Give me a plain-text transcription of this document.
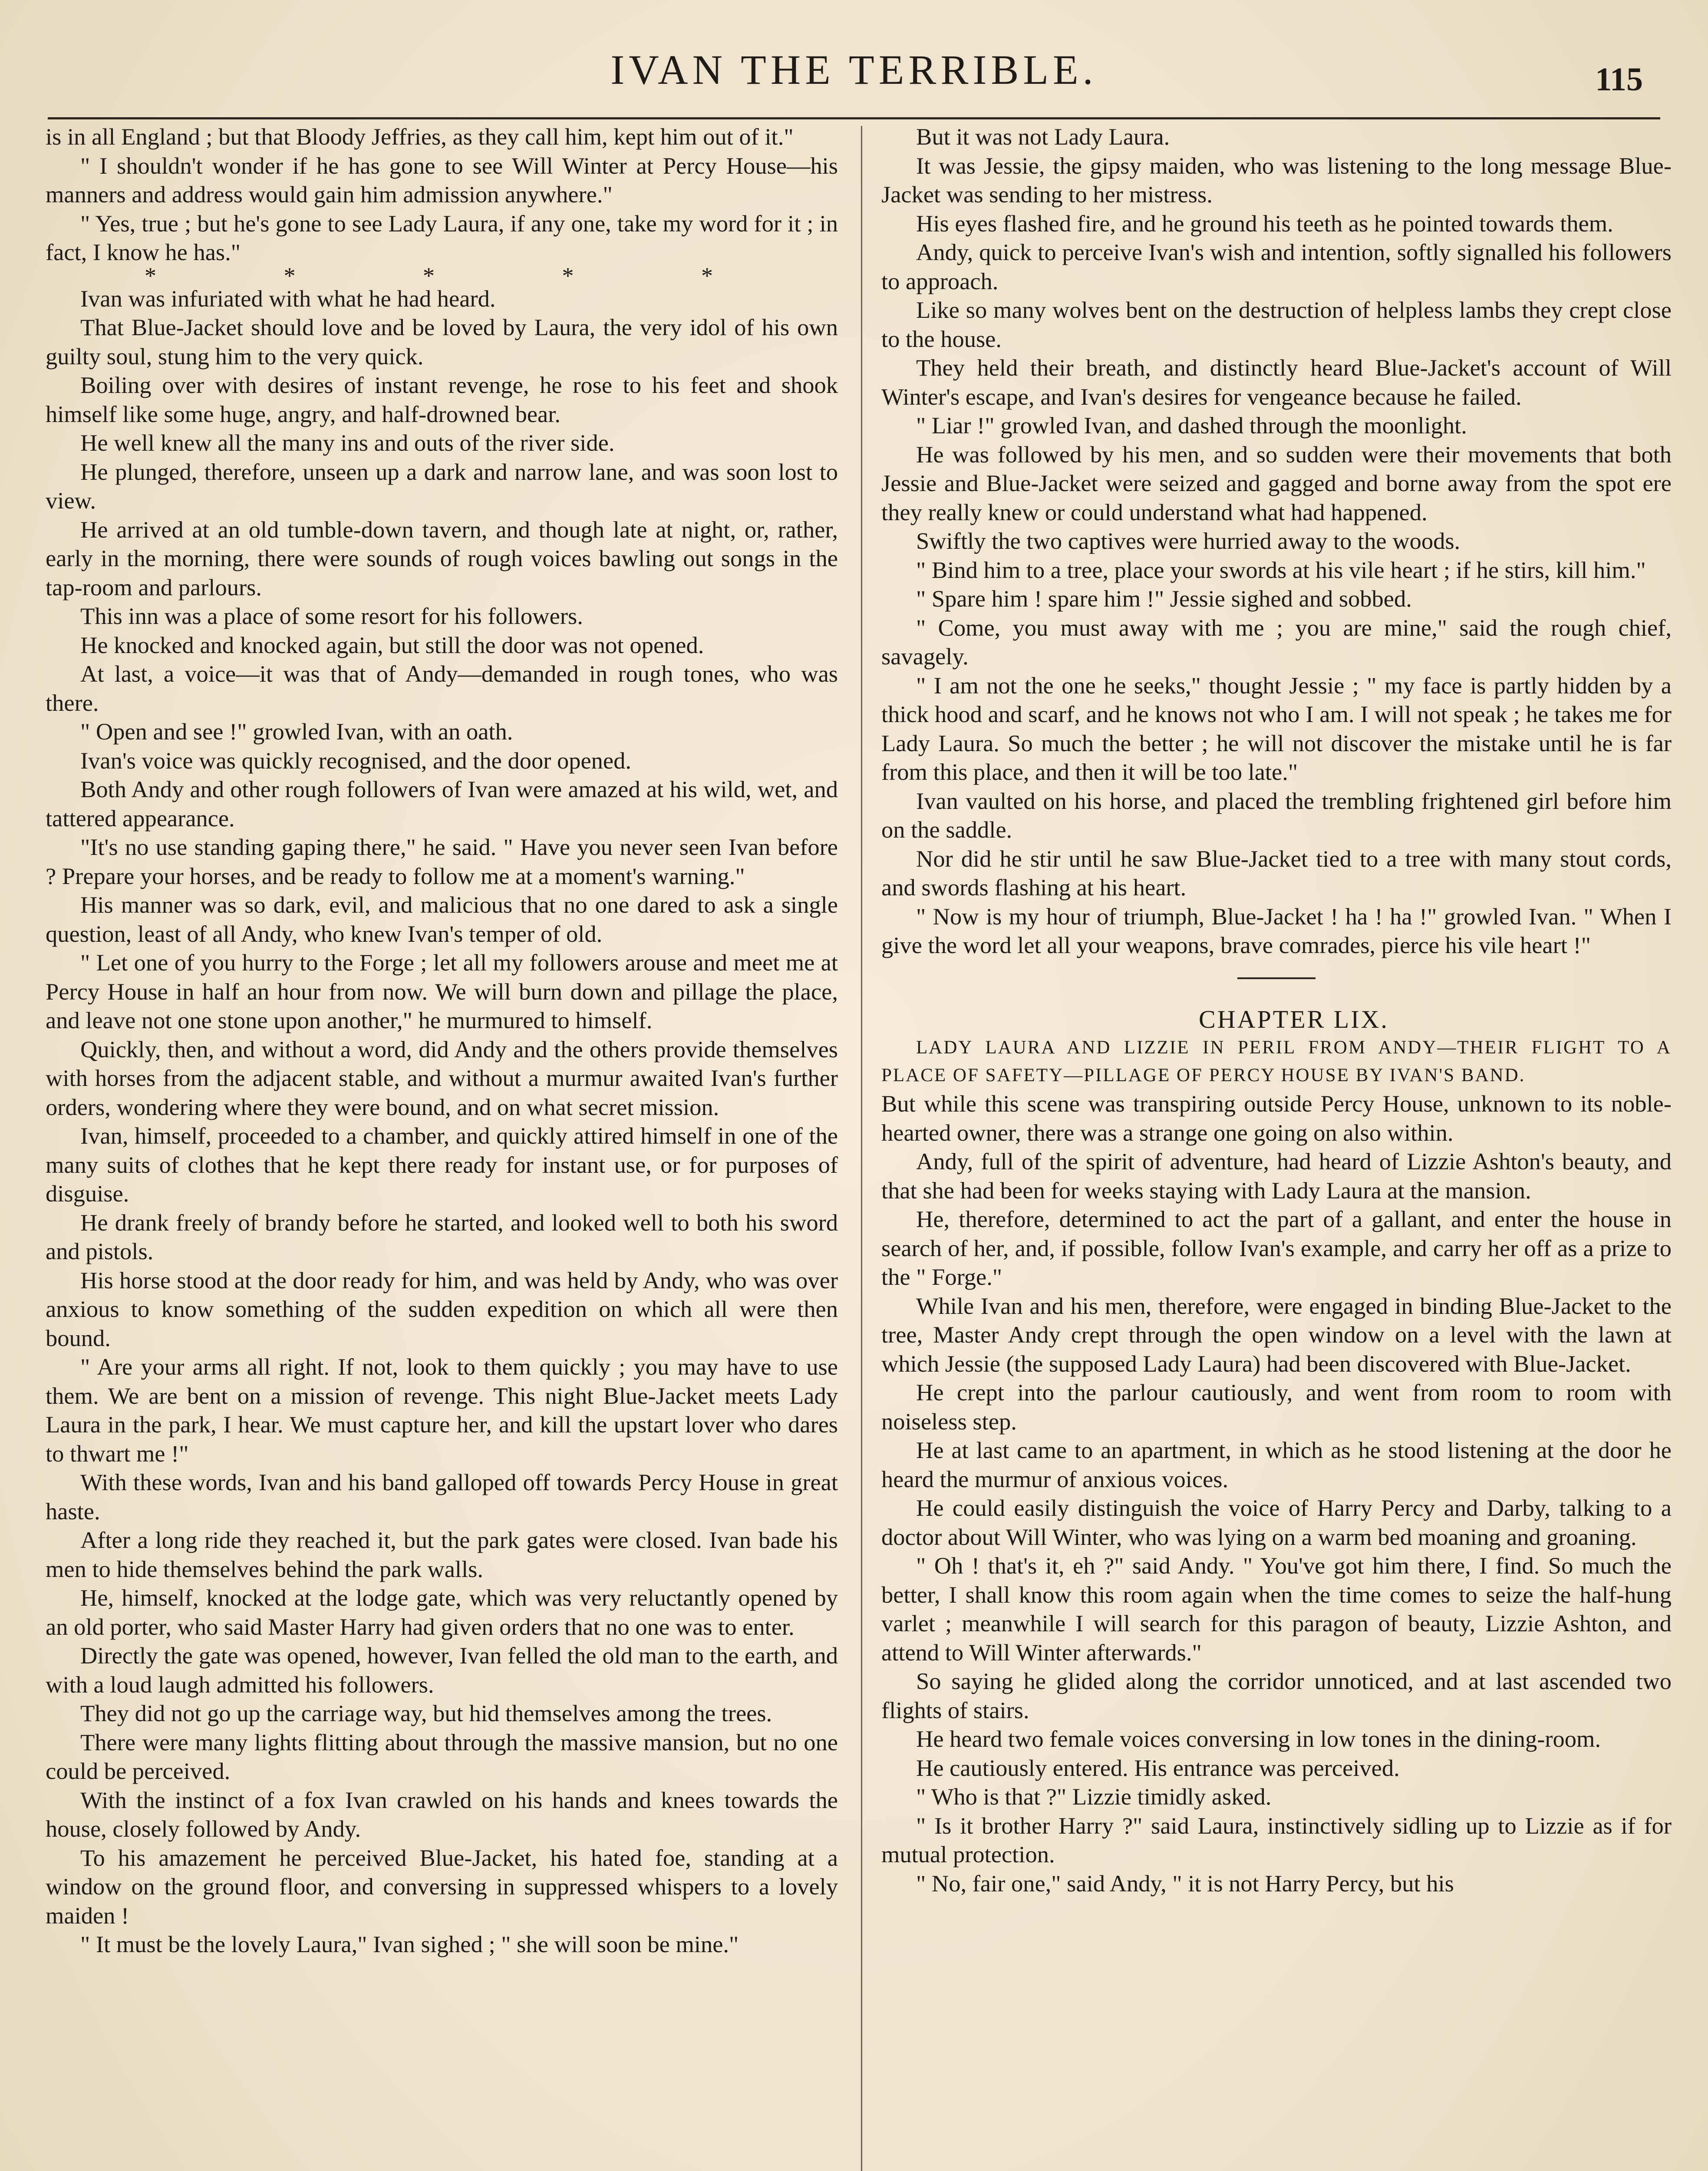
IVAN THE TERRIBLE.	115

is in all England ; but that Bloody Jeffries, as they call him, kept him out of it."

" I shouldn't wonder if he has gone to see Will Winter at Percy House—his manners and address would gain him admission anywhere."

" Yes, true ; but he's gone to see Lady Laura, if any one, take my word for it ; in fact, I know he has."

* * * * *

Ivan was infuriated with what he had heard.

That Blue-Jacket should love and be loved by Laura, the very idol of his own guilty soul, stung him to the very quick.

Boiling over with desires of instant revenge, he rose to his feet and shook himself like some huge, angry, and half-drowned bear.

He well knew all the many ins and outs of the river side.

He plunged, therefore, unseen up a dark and narrow lane, and was soon lost to view.

He arrived at an old tumble-down tavern, and though late at night, or, rather, early in the morning, there were sounds of rough voices bawling out songs in the tap-room and parlours.

This inn was a place of some resort for his followers.

He knocked and knocked again, but still the door was not opened.

At last, a voice—it was that of Andy—demanded in rough tones, who was there.

" Open and see !" growled Ivan, with an oath.

Ivan's voice was quickly recognised, and the door opened.

Both Andy and other rough followers of Ivan were amazed at his wild, wet, and tattered appearance.

"It's no use standing gaping there," he said. " Have you never seen Ivan before ? Prepare your horses, and be ready to follow me at a moment's warning."

His manner was so dark, evil, and malicious that no one dared to ask a single question, least of all Andy, who knew Ivan's temper of old.

" Let one of you hurry to the Forge ; let all my followers arouse and meet me at Percy House in half an hour from now. We will burn down and pillage the place, and leave not one stone upon another," he murmured to himself.

Quickly, then, and without a word, did Andy and the others provide themselves with horses from the adjacent stable, and without a murmur awaited Ivan's further orders, wondering where they were bound, and on what secret mission.

Ivan, himself, proceeded to a chamber, and quickly attired himself in one of the many suits of clothes that he kept there ready for instant use, or for purposes of disguise.

He drank freely of brandy before he started, and looked well to both his sword and pistols.

His horse stood at the door ready for him, and was held by Andy, who was over anxious to know something of the sudden expedition on which all were then bound.

" Are your arms all right. If not, look to them quickly ; you may have to use them. We are bent on a mission of revenge. This night Blue-Jacket meets Lady Laura in the park, I hear. We must capture her, and kill the upstart lover who dares to thwart me !"

With these words, Ivan and his band galloped off towards Percy House in great haste.

After a long ride they reached it, but the park gates were closed. Ivan bade his men to hide themselves behind the park walls.

He, himself, knocked at the lodge gate, which was very reluctantly opened by an old porter, who said Master Harry had given orders that no one was to enter.

Directly the gate was opened, however, Ivan felled the old man to the earth, and with a loud laugh admitted his followers.

They did not go up the carriage way, but hid themselves among the trees.

There were many lights flitting about through the massive mansion, but no one could be perceived.

With the instinct of a fox Ivan crawled on his hands and knees towards the house, closely followed by Andy.

To his amazement he perceived Blue-Jacket, his hated foe, standing at a window on the ground floor, and conversing in suppressed whispers to a lovely maiden !

" It must be the lovely Laura," Ivan sighed ; " she will soon be mine."

But it was not Lady Laura.

It was Jessie, the gipsy maiden, who was listening to the long message Blue-Jacket was sending to her mistress.

His eyes flashed fire, and he ground his teeth as he pointed towards them.

Andy, quick to perceive Ivan's wish and intention, softly signalled his followers to approach.

Like so many wolves bent on the destruction of helpless lambs they crept close to the house.

They held their breath, and distinctly heard Blue-Jacket's account of Will Winter's escape, and Ivan's desires for vengeance because he failed.

" Liar !" growled Ivan, and dashed through the moonlight.

He was followed by his men, and so sudden were their movements that both Jessie and Blue-Jacket were seized and gagged and borne away from the spot ere they really knew or could understand what had happened.

Swiftly the two captives were hurried away to the woods.

" Bind him to a tree, place your swords at his vile heart ; if he stirs, kill him."

" Spare him ! spare him !" Jessie sighed and sobbed.

" Come, you must away with me ; you are mine," said the rough chief, savagely.

" I am not the one he seeks," thought Jessie ; " my face is partly hidden by a thick hood and scarf, and he knows not who I am. I will not speak ; he takes me for Lady Laura. So much the better ; he will not discover the mistake until he is far from this place, and then it will be too late."

Ivan vaulted on his horse, and placed the trembling frightened girl before him on the saddle.

Nor did he stir until he saw Blue-Jacket tied to a tree with many stout cords, and swords flashing at his heart.

" Now is my hour of triumph, Blue-Jacket ! ha ! ha !" growled Ivan. " When I give the word let all your weapons, brave comrades, pierce his vile heart !"

CHAPTER LIX.

LADY LAURA AND LIZZIE IN PERIL FROM ANDY—THEIR FLIGHT TO A PLACE OF SAFETY—PILLAGE OF PERCY HOUSE BY IVAN'S BAND.

But while this scene was transpiring outside Percy House, unknown to its noble-hearted owner, there was a strange one going on also within.

Andy, full of the spirit of adventure, had heard of Lizzie Ashton's beauty, and that she had been for weeks staying with Lady Laura at the mansion.

He, therefore, determined to act the part of a gallant, and enter the house in search of her, and, if possible, follow Ivan's example, and carry her off as a prize to the " Forge."

While Ivan and his men, therefore, were engaged in binding Blue-Jacket to the tree, Master Andy crept through the open window on a level with the lawn at which Jessie (the supposed Lady Laura) had been discovered with Blue-Jacket.

He crept into the parlour cautiously, and went from room to room with noiseless step.

He at last came to an apartment, in which as he stood listening at the door he heard the murmur of anxious voices.

He could easily distinguish the voice of Harry Percy and Darby, talking to a doctor about Will Winter, who was lying on a warm bed moaning and groaning.

" Oh ! that's it, eh ?" said Andy. " You've got him there, I find. So much the better, I shall know this room again when the time comes to seize the half-hung varlet ; meanwhile I will search for this paragon of beauty, Lizzie Ashton, and attend to Will Winter afterwards."

So saying he glided along the corridor unnoticed, and at last ascended two flights of stairs.

He heard two female voices conversing in low tones in the dining-room.

He cautiously entered. His entrance was perceived.

" Who is that ?" Lizzie timidly asked.

" Is it brother Harry ?" said Laura, instinctively sidling up to Lizzie as if for mutual protection.

" No, fair one," said Andy, " it is not Harry Percy, but his
